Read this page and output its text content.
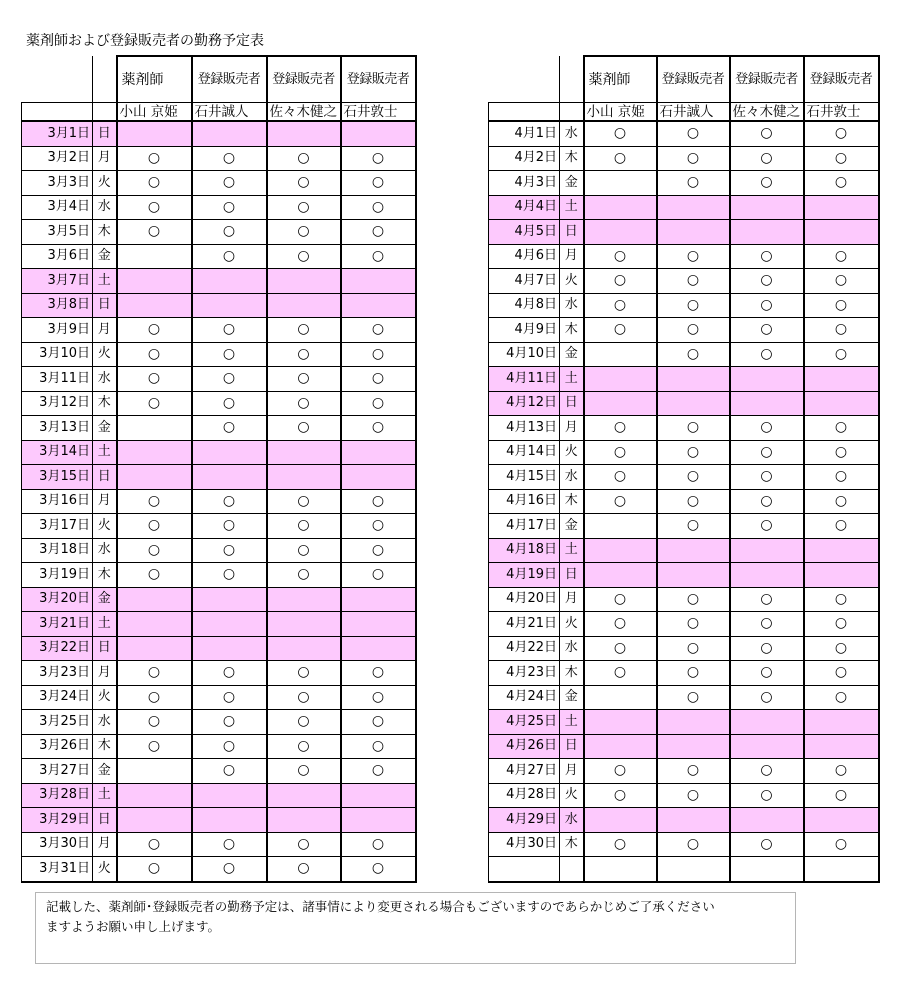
薬剤師および登録販売者の勤務予定表
		薬剤師	登録販売者	登録販売者	登録販売者
		小山 京姫	石井誠人	佐々木健之	石井敦士
3月1日	日				
3月2日	月	○	○	○	○
3月3日	火	○	○	○	○
3月4日	水	○	○	○	○
3月5日	木	○	○	○	○
3月6日	金		○	○	○
3月7日	土				
3月8日	日				
3月9日	月	○	○	○	○
3月10日	火	○	○	○	○
3月11日	水	○	○	○	○
3月12日	木	○	○	○	○
3月13日	金		○	○	○
3月14日	土				
3月15日	日				
3月16日	月	○	○	○	○
3月17日	火	○	○	○	○
3月18日	水	○	○	○	○
3月19日	木	○	○	○	○
3月20日	金				
3月21日	土				
3月22日	日				
3月23日	月	○	○	○	○
3月24日	火	○	○	○	○
3月25日	水	○	○	○	○
3月26日	木	○	○	○	○
3月27日	金		○	○	○
3月28日	土				
3月29日	日				
3月30日	月	○	○	○	○
3月31日	火	○	○	○	○
		薬剤師	登録販売者	登録販売者	登録販売者
		小山 京姫	石井誠人	佐々木健之	石井敦士
4月1日	水	○	○	○	○
4月2日	木	○	○	○	○
4月3日	金		○	○	○
4月4日	土				
4月5日	日				
4月6日	月	○	○	○	○
4月7日	火	○	○	○	○
4月8日	水	○	○	○	○
4月9日	木	○	○	○	○
4月10日	金		○	○	○
4月11日	土				
4月12日	日				
4月13日	月	○	○	○	○
4月14日	火	○	○	○	○
4月15日	水	○	○	○	○
4月16日	木	○	○	○	○
4月17日	金		○	○	○
4月18日	土				
4月19日	日				
4月20日	月	○	○	○	○
4月21日	火	○	○	○	○
4月22日	水	○	○	○	○
4月23日	木	○	○	○	○
4月24日	金		○	○	○
4月25日	土				
4月26日	日				
4月27日	月	○	○	○	○
4月28日	火	○	○	○	○
4月29日	水				
4月30日	木	○	○	○	○

記載した、薬剤師･登録販売者の勤務予定は、諸事情により変更される場合もございますのであらかじめご了承ください
ますようお願い申し上げます。
